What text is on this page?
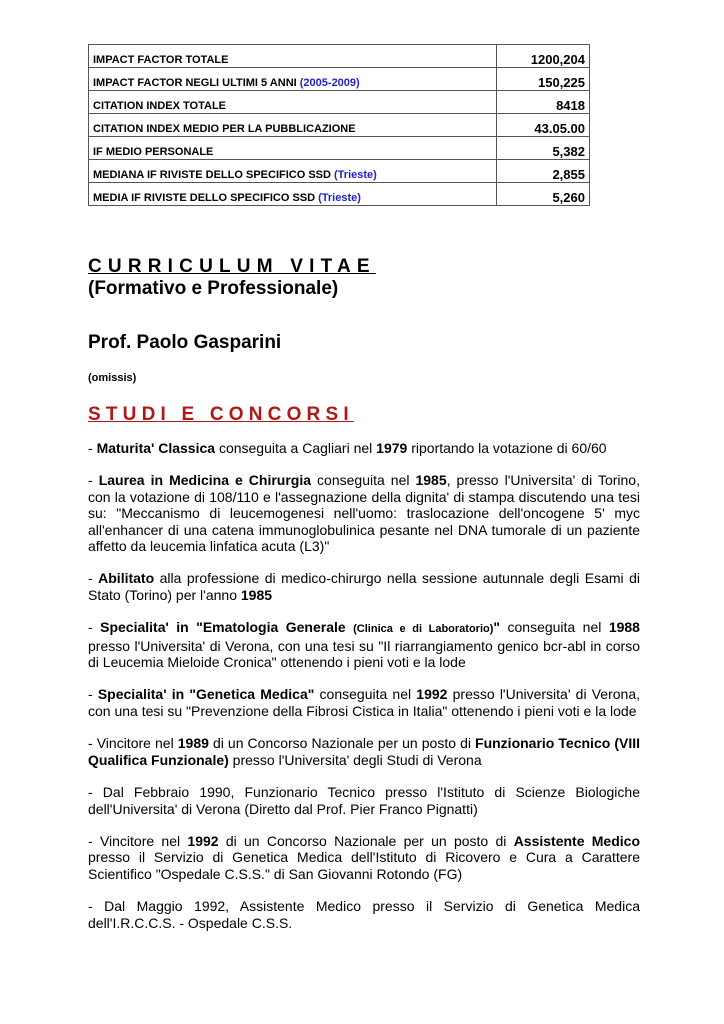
IMPACT FACTOR TOTALE	1200,204
IMPACT FACTOR NEGLI ULTIMI 5 ANNI (2005-2009)	150,225
CITATION INDEX TOTALE	8418
CITATION INDEX MEDIO PER LA PUBBLICAZIONE	43.05.00
IF MEDIO PERSONALE	5,382
MEDIANA IF RIVISTE DELLO SPECIFICO SSD (Trieste)	2,855
MEDIA IF RIVISTE DELLO SPECIFICO SSD (Trieste)	5,260
CURRICULUM VITAE
(Formativo e Professionale)
Prof. Paolo Gasparini
(omissis)
STUDI E CONCORSI

- Maturita' Classica conseguita a Cagliari nel 1979 riportando la votazione di 60/60

- Laurea in Medicina e Chirurgia conseguita nel 1985, presso l'Universita' di Torino, con la votazione di 108/110 e l'assegnazione della dignita' di stampa discutendo una tesi su: "Meccanismo di leucemogenesi nell'uomo: traslocazione dell'oncogene 5' myc all'enhancer di una catena immunoglobulinica pesante nel DNA tumorale di un paziente affetto da leucemia linfatica acuta (L3)"

- Abilitato alla professione di medico-chirurgo nella sessione autunnale degli Esami di Stato (Torino) per l'anno 1985

- Specialita' in "Ematologia Generale (Clinica e di Laboratorio)" conseguita nel 1988 presso l'Universita' di Verona, con una tesi su "Il riarrangiamento genico bcr-abl in corso di Leucemia Mieloide Cronica" ottenendo i pieni voti e la lode

- Specialita' in "Genetica Medica" conseguita nel 1992 presso l'Universita' di Verona, con una tesi su "Prevenzione della Fibrosi Cistica in Italia" ottenendo i pieni voti e la lode

- Vincitore nel 1989 di un Concorso Nazionale per un posto di Funzionario Tecnico (VIII Qualifica Funzionale) presso l'Universita' degli Studi di Verona

- Dal Febbraio 1990, Funzionario Tecnico presso l'Istituto di Scienze Biologiche dell'Universita' di Verona (Diretto dal Prof. Pier Franco Pignatti)

- Vincitore nel 1992 di un Concorso Nazionale per un posto di Assistente Medico presso il Servizio di Genetica Medica dell'Istituto di Ricovero e Cura a Carattere Scientifico "Ospedale C.S.S." di San Giovanni Rotondo (FG)

- Dal Maggio 1992, Assistente Medico presso il Servizio di Genetica Medica dell'I.R.C.C.S. - Ospedale C.S.S.
